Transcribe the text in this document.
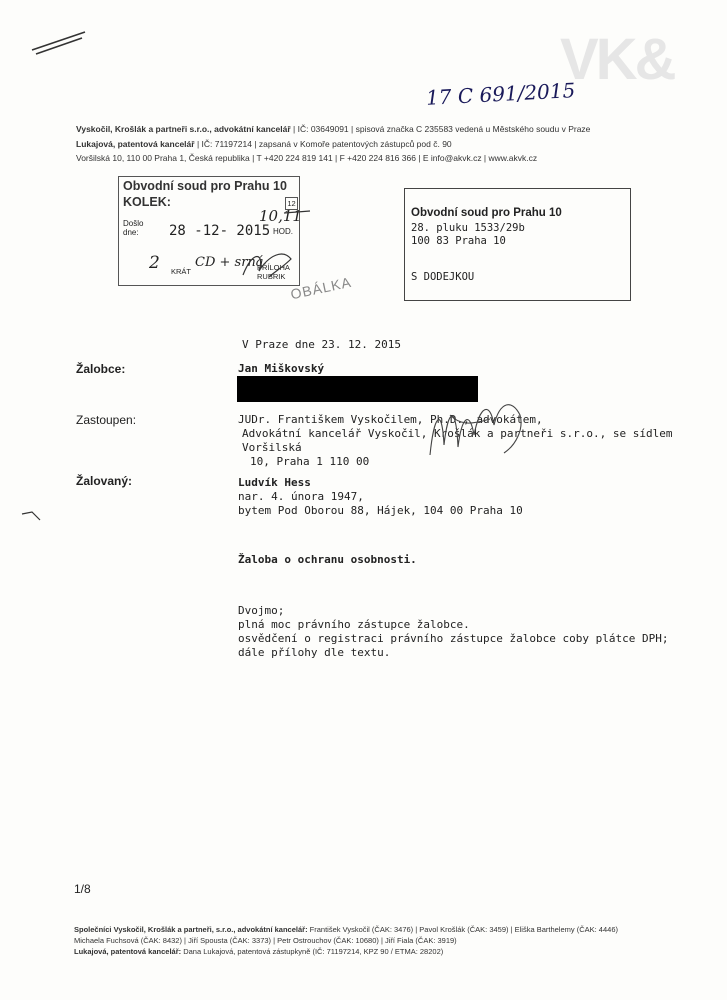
VK&
17 C 691/2015
Vyskočil, Krošlák a partneři s.r.o., advokátní kancelář | IČ: 03649091 | spisová značka C 235583 vedená u Městského soudu v Praze
Lukajová, patentová kancelář | IČ: 71197214 | zapsaná v Komoře patentových zástupců pod č. 90
Voršilská 10, 110 00 Praha 1, Česká republika | T +420 224 819 141 | F +420 224 816 366 | E info@akvk.cz | www.akvk.cz
Obvodní soud pro Prahu 10
KOLEK:	12
Došlo
dne:	28 -12- 2015
10,11
HOD.
2 KRÁT
CD + srná
PŘÍLOHA
RUBRIK OBÁLKA
Obvodní soud pro Prahu 10
28. pluku 1533/29b
100 83 Praha 10
S DODEJKOU
V Praze dne 23. 12. 2015
Žalobce:	Jan Miškovský
Zastoupen:	JUDr. Františkem Vyskočilem, Ph.D., advokátem,
Advokátní kancelář Vyskočil, Krošlák a partneři s.r.o., se sídlem Voršilská
10, Praha 1 110 00
Žalovaný:	Ludvík Hess
nar. 4. února 1947,
bytem Pod Oborou 88, Hájek, 104 00 Praha 10
Žaloba o ochranu osobnosti.
Dvojmo;
plná moc právního zástupce žalobce.
osvědčení o registraci právního zástupce žalobce coby plátce DPH;
dále přílohy dle textu.
1/8
Společníci Vyskočil, Krošlák a partneři, s.r.o., advokátní kancelář: František Vyskočil (ČAK: 3476) | Pavol Krošlák (ČAK: 3459) | Eliška Barthelemy (ČAK: 4446)
Michaela Fuchsová (ČAK: 8432) | Jiří Spousta (ČAK: 3373) | Petr Ostrouchov (ČAK: 10680) | Jiří Fiala (ČAK: 3919)
Lukajová, patentová kancelář: Dana Lukajová, patentová zástupkyně (IČ: 71197214, KPZ 90 / ETMA: 28202)
